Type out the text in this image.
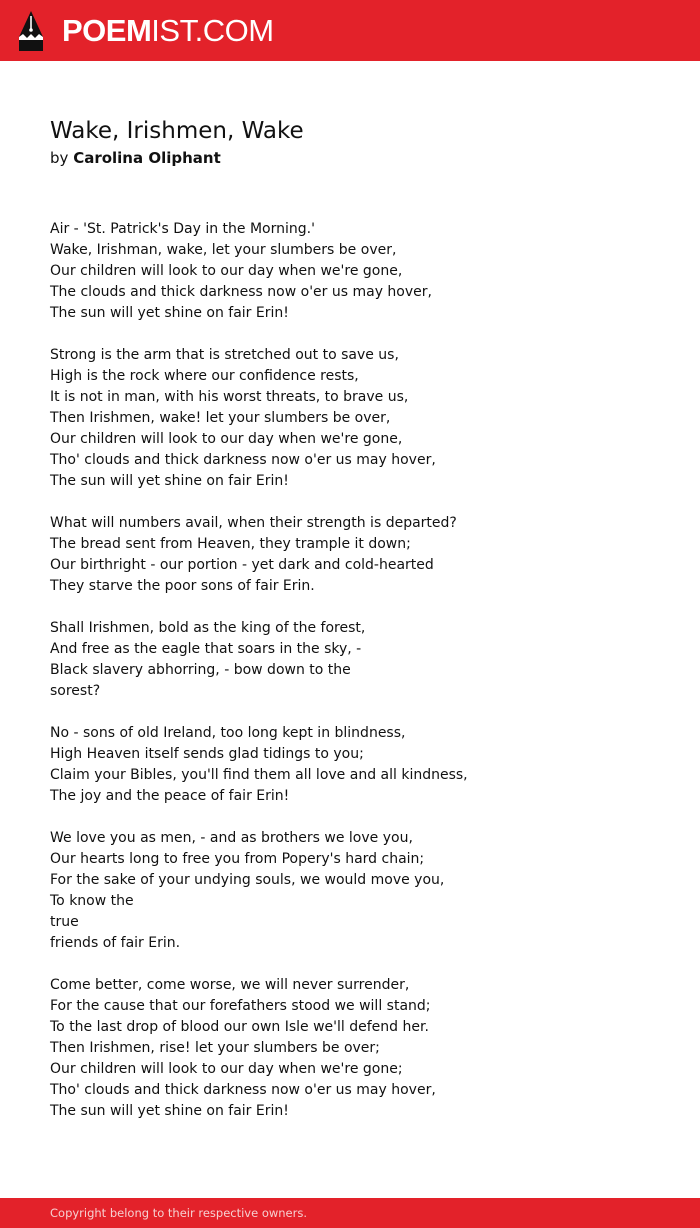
POEMIST.COM
Wake, Irishmen, Wake
by Carolina Oliphant
Air - 'St. Patrick's Day in the Morning.'
Wake, Irishman, wake, let your slumbers be over,
Our children will look to our day when we're gone,
The clouds and thick darkness now o'er us may hover,
The sun will yet shine on fair Erin!
Strong is the arm that is stretched out to save us,
High is the rock where our confidence rests,
It is not in man, with his worst threats, to brave us,
Then Irishmen, wake! let your slumbers be over,
Our children will look to our day when we're gone,
Tho' clouds and thick darkness now o'er us may hover,
The sun will yet shine on fair Erin!
What will numbers avail, when their strength is departed?
The bread sent from Heaven, they trample it down;
Our birthright - our portion - yet dark and cold-hearted
They starve the poor sons of fair Erin.
Shall Irishmen, bold as the king of the forest,
And free as the eagle that soars in the sky, -
Black slavery abhorring, - bow down to the
sorest?
No - sons of old Ireland, too long kept in blindness,
High Heaven itself sends glad tidings to you;
Claim your Bibles, you'll find them all love and all kindness,
The joy and the peace of fair Erin!
We love you as men, - and as brothers we love you,
Our hearts long to free you from Popery's hard chain;
For the sake of your undying souls, we would move you,
To know the
true
friends of fair Erin.
Come better, come worse, we will never surrender,
For the cause that our forefathers stood we will stand;
To the last drop of blood our own Isle we'll defend her.
Then Irishmen, rise! let your slumbers be over;
Our children will look to our day when we're gone;
Tho' clouds and thick darkness now o'er us may hover,
The sun will yet shine on fair Erin!
Copyright belong to their respective owners.
